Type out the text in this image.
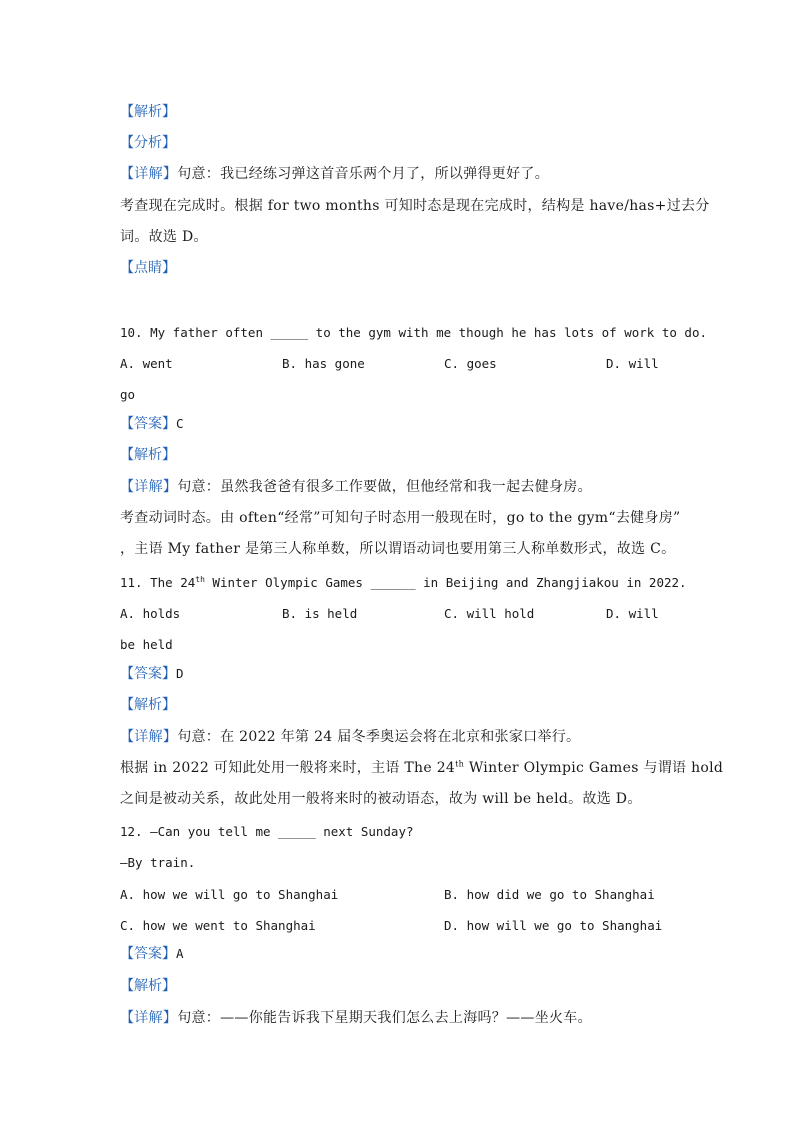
【解析】
【分析】
【详解】句意：我已经练习弹这首音乐两个月了，所以弹得更好了。
考查现在完成时。根据 for two months 可知时态是现在完成时，结构是 have/has+过去分
词。故选 D。
【点睛】
10. My father often _____ to the gym with me though he has lots of work to do.
A. went	B. has gone	C. goes	D. will
go
【答案】C
【解析】
【详解】句意：虽然我爸爸有很多工作要做，但他经常和我一起去健身房。
考查动词时态。由 often“经常”可知句子时态用一般现在时，go to the gym“去健身房”
，主语 My father 是第三人称单数，所以谓语动词也要用第三人称单数形式，故选 C。
11. The 24th Winter Olympic Games ______ in Beijing and Zhangjiakou in 2022.
A. holds	B. is held	C. will hold	D. will
be held
【答案】D
【解析】
【详解】句意：在 2022 年第 24 届冬季奥运会将在北京和张家口举行。
根据 in 2022 可知此处用一般将来时，主语 The 24th Winter Olympic Games 与谓语 hold
之间是被动关系，故此处用一般将来时的被动语态，故为 will be held。故选 D。
12. —Can you tell me _____ next Sunday?
—By train.
A. how we will go to Shanghai	B. how did we go to Shanghai
C. how we went to Shanghai	D. how will we go to Shanghai
【答案】A
【解析】
【详解】句意：——你能告诉我下星期天我们怎么去上海吗？——坐火车。
